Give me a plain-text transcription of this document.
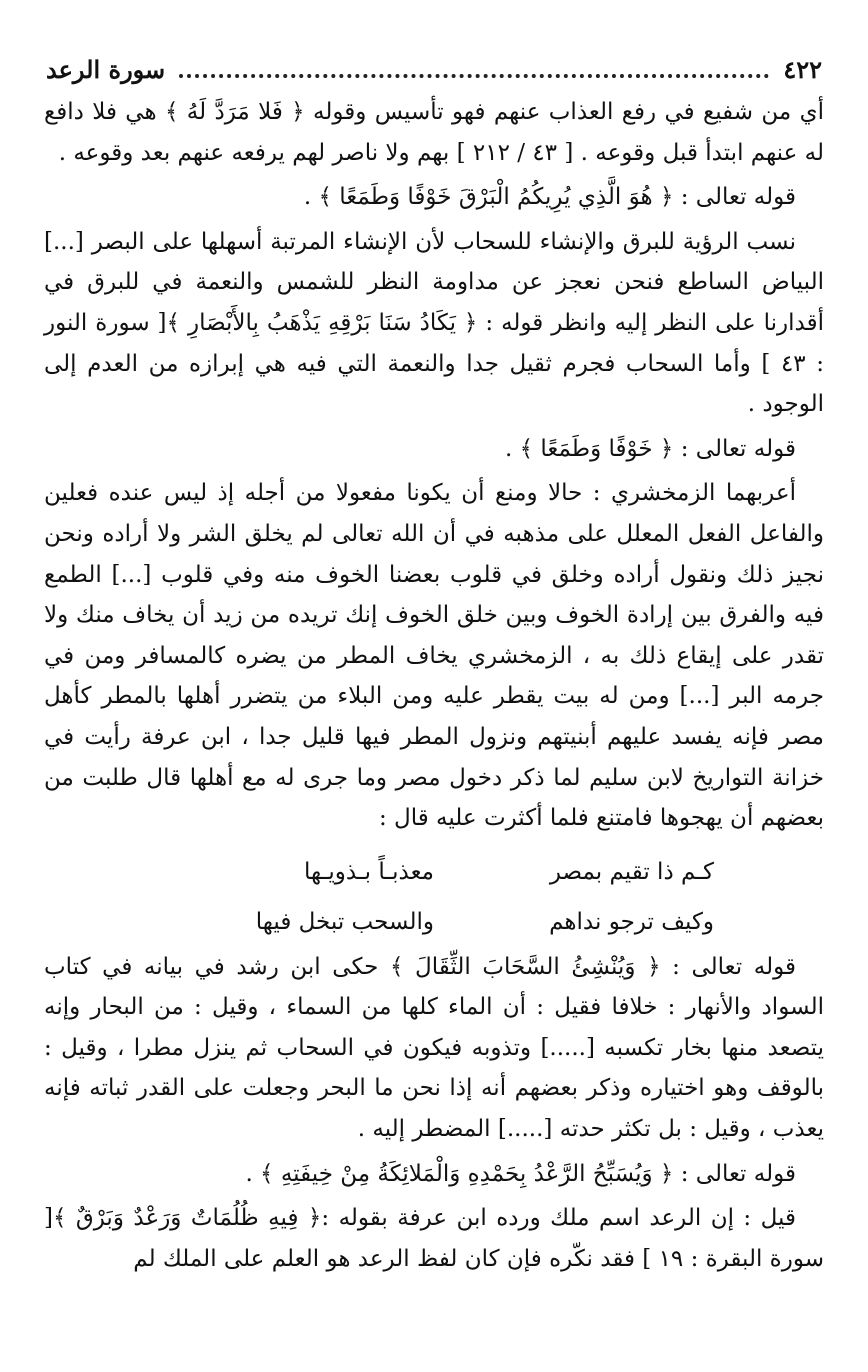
٤٢٢
سورة الرعد

أي من شفيع في رفع العذاب عنهم فهو تأسيس وقوله ﴿ فَلا مَرَدَّ لَهُ ﴾ هي فلا دافع له عنهم ابتدأ قبل وقوعه . [ ٤٣ / ٢١٢ ] بهم ولا ناصر لهم يرفعه عنهم بعد وقوعه .

قوله تعالى : ﴿ هُوَ الَّذِي يُرِيكُمُ الْبَرْقَ خَوْفًا وَطَمَعًا ﴾ .

نسب الرؤية للبرق والإنشاء للسحاب لأن الإنشاء المرتبة أسهلها على البصر [...] البياض الساطع فنحن نعجز عن مداومة النظر للشمس والنعمة في للبرق في أقدارنا على النظر إليه وانظر قوله : ﴿ يَكَادُ سَنَا بَرْقِهِ يَذْهَبُ بِالأَبْصَارِ ﴾[ سورة النور : ٤٣ ] وأما السحاب فجرم ثقيل جدا والنعمة التي فيه هي إبرازه من العدم إلى الوجود .

قوله تعالى : ﴿ خَوْفًا وَطَمَعًا ﴾ .

أعربهما الزمخشري : حالا ومنع أن يكونا مفعولا من أجله إذ ليس عنده فعلين والفاعل الفعل المعلل على مذهبه في أن الله تعالى لم يخلق الشر ولا أراده ونحن نجيز ذلك ونقول أراده وخلق في قلوب بعضنا الخوف منه وفي قلوب [...] الطمع فيه والفرق بين إرادة الخوف وبين خلق الخوف إنك تريده من زيد أن يخاف منك ولا تقدر على إيقاع ذلك به ، الزمخشري يخاف المطر من يضره كالمسافر ومن في جرمه البر [...] ومن له بيت يقطر عليه ومن البلاء من يتضرر أهلها بالمطر كأهل مصر فإنه يفسد عليهم أبنيتهم ونزول المطر فيها قليل جدا ، ابن عرفة رأيت في خزانة التواريخ لابن سليم لما ذكر دخول مصر وما جرى له مع أهلها قال طلبت من بعضهم أن يهجوها فامتنع فلما أكثرت عليه قال :

كـم ذا تقيم بمصر
معذبـاً بـذويـها
وكيف ترجو نداهم
والسحب تبخل فيها

قوله تعالى : ﴿ وَيُنْشِئُ السَّحَابَ الثِّقَالَ ﴾ حكى ابن رشد في بيانه في كتاب السواد والأنهار : خلافا فقيل : أن الماء كلها من السماء ، وقيل : من البحار وإنه يتصعد منها بخار تكسبه [.....] وتذوبه فيكون في السحاب ثم ينزل مطرا ، وقيل : بالوقف وهو اختياره وذكر بعضهم أنه إذا نحن ما البحر وجعلت على القدر ثباته فإنه يعذب ، وقيل : بل تكثر حدته [.....] المضطر إليه .

قوله تعالى : ﴿ وَيُسَبِّحُ الرَّعْدُ بِحَمْدِهِ وَالْمَلائِكَةُ مِنْ خِيفَتِهِ ﴾ .

قيل : إن الرعد اسم ملك ورده ابن عرفة بقوله :﴿ فِيهِ ظُلُمَاتٌ وَرَعْدٌ وَبَرْقٌ ﴾[ سورة البقرة : ١٩ ] فقد نكّره فإن كان لفظ الرعد هو العلم على الملك لم
